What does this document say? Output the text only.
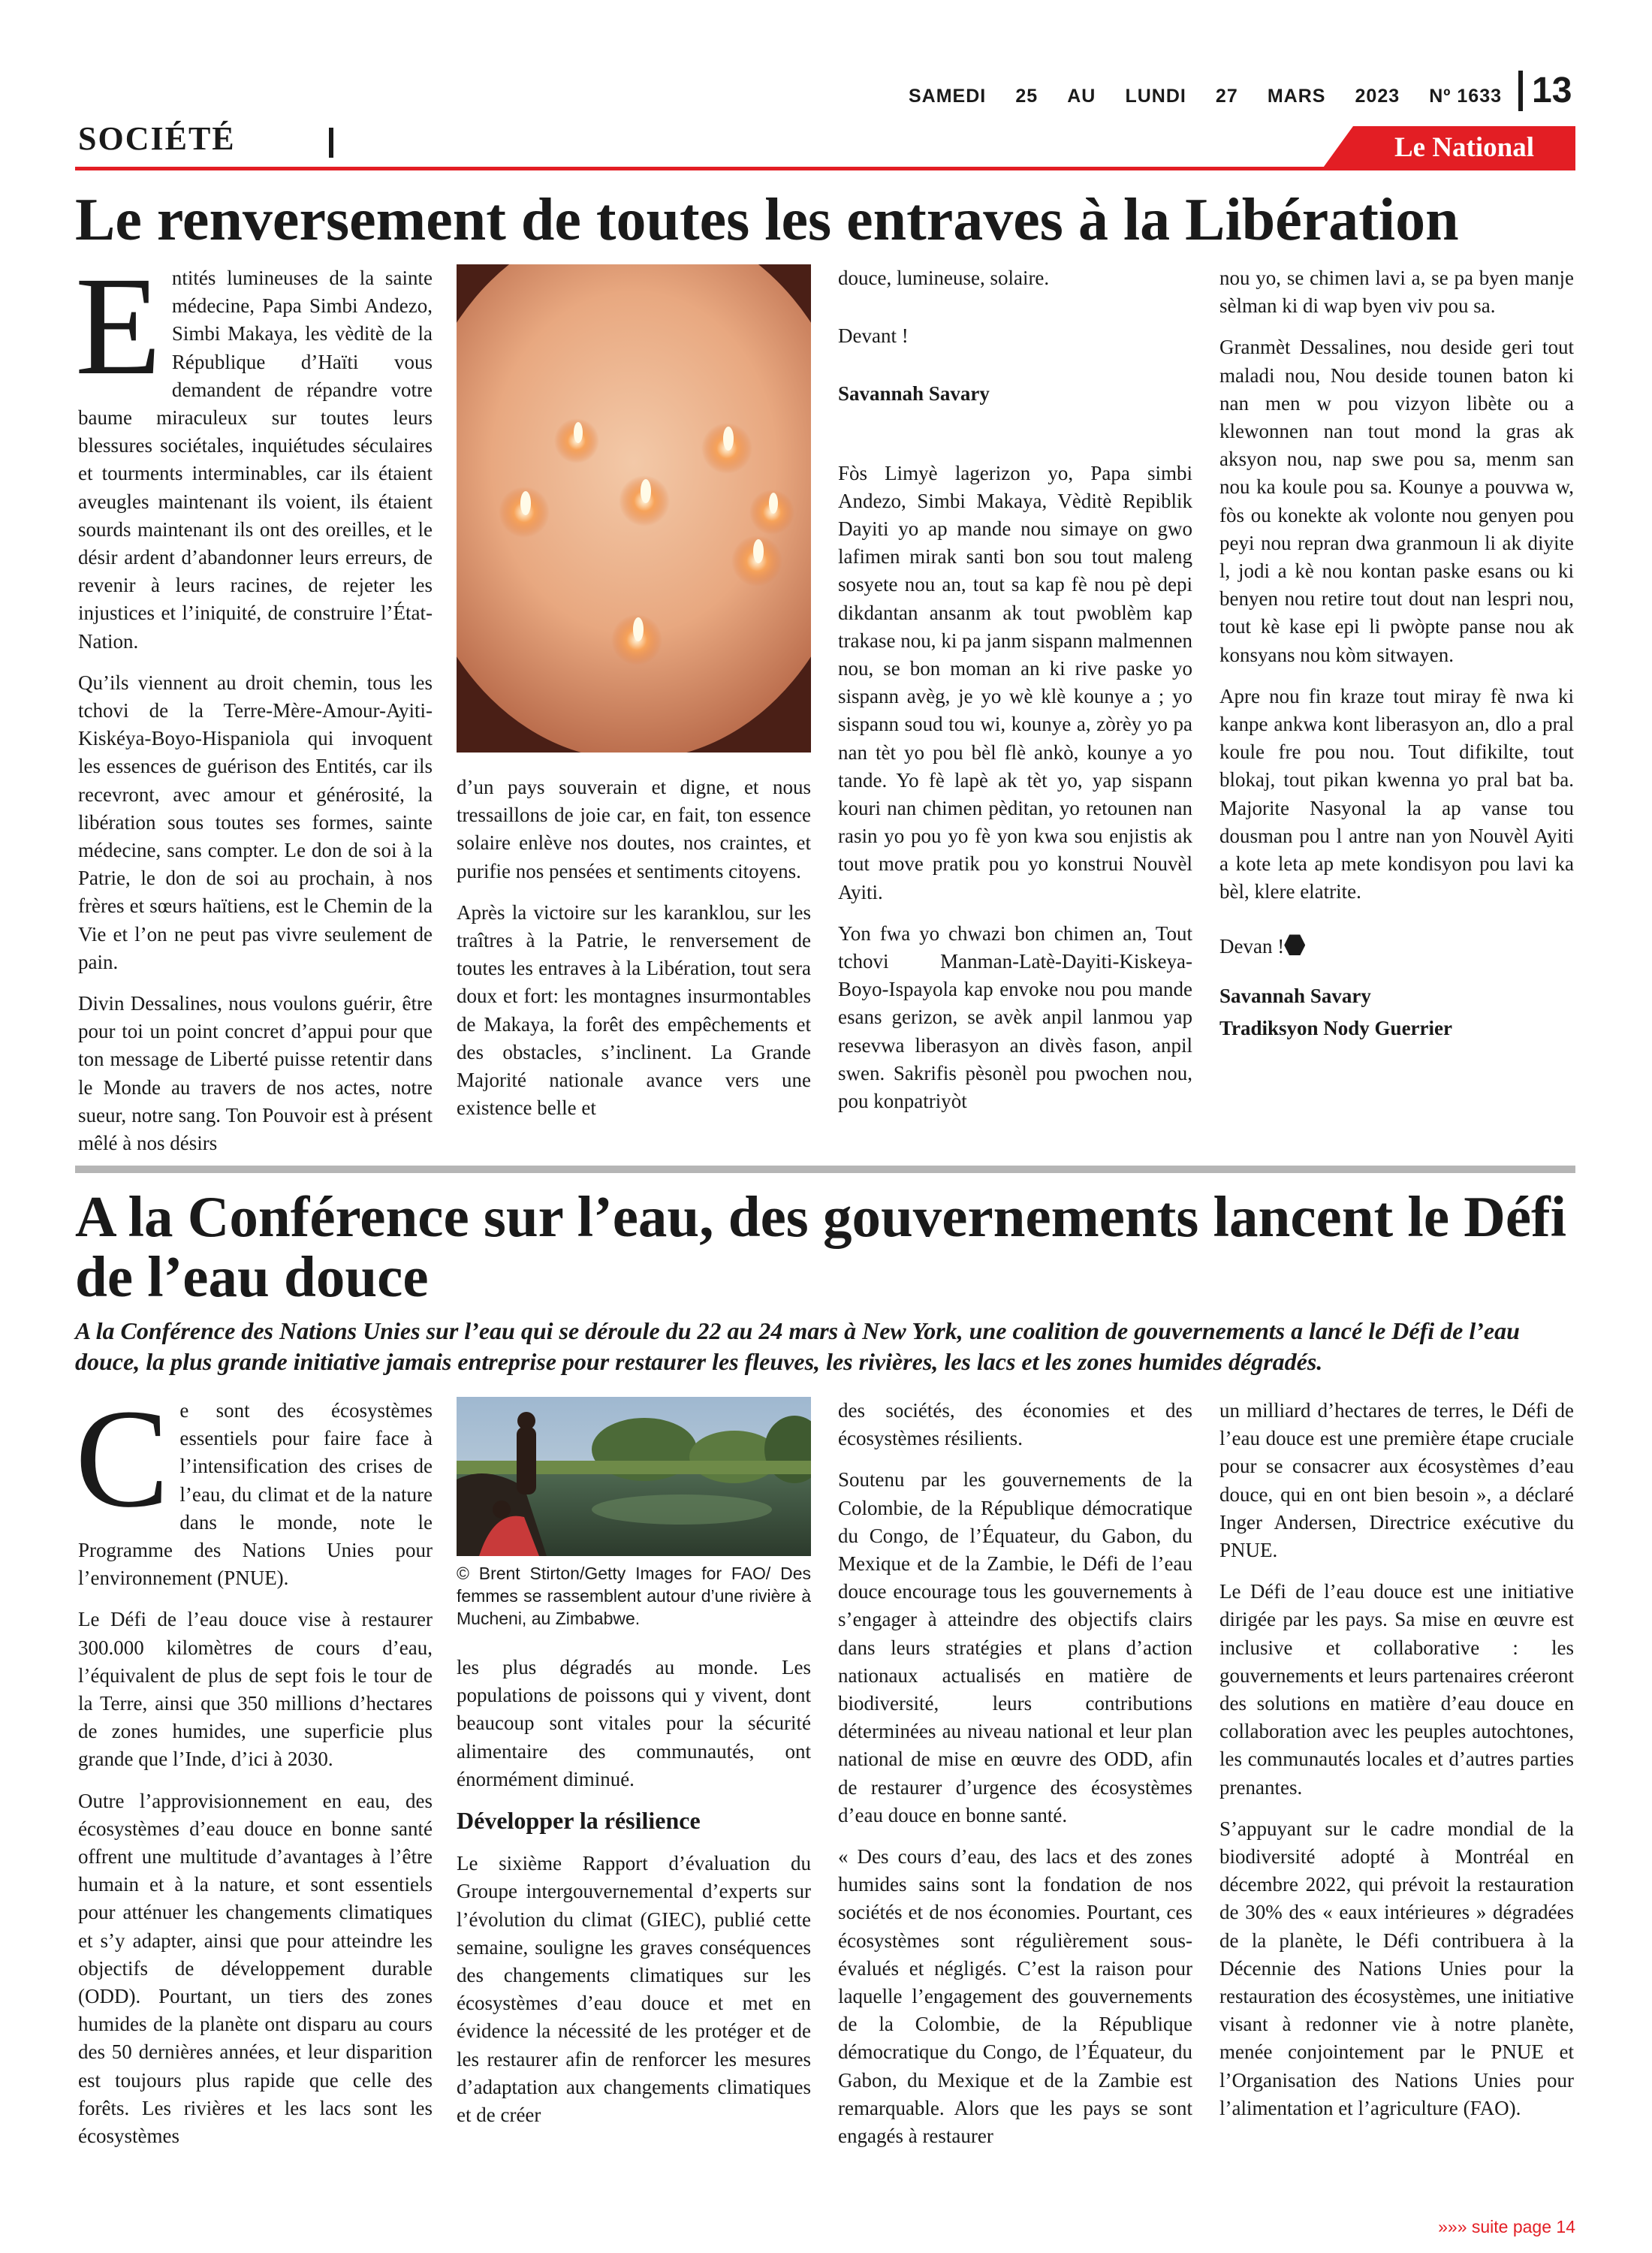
SAMEDI 25 AU LUNDI 27 MARS 2023 Nº 1633 13
SOCIÉTÉ	Le National
Le renversement de toutes les entraves à la Libération

Entités lumineuses de la sainte médecine, Papa Simbi Andezo, Simbi Makaya, les vèditè de la République d’Haïti vous demandent de répandre votre baume miraculeux sur toutes leurs blessures sociétales, inquiétudes séculaires et tourments interminables, car ils étaient aveugles maintenant ils voient, ils étaient sourds maintenant ils ont des oreilles, et le désir ardent d’abandonner leurs erreurs, de revenir à leurs racines, de rejeter les injustices et l’iniquité, de construire l’État-Nation.

Qu’ils viennent au droit chemin, tous les tchovi de la Terre-Mère-Amour-Ayiti-Kiskéya-Boyo-Hispaniola qui invoquent les essences de guérison des Entités, car ils recevront, avec amour et générosité, la libération sous toutes ses formes, sainte médecine, sans compter. Le don de soi à la Patrie, le don de soi au prochain, à nos frères et sœurs haïtiens, est le Chemin de la Vie et l’on ne peut pas vivre seulement de pain.

Divin Dessalines, nous voulons guérir, être pour toi un point concret d’appui pour que ton message de Liberté puisse retentir dans le Monde au travers de nos actes, notre sueur, notre sang. Ton Pouvoir est à présent mêlé à nos désirs

d’un pays souverain et digne, et nous tressaillons de joie car, en fait, ton essence solaire enlève nos doutes, nos craintes, et purifie nos pensées et sentiments citoyens.

Après la victoire sur les karanklou, sur les traîtres à la Patrie, le renversement de toutes les entraves à la Libération, tout sera doux et fort: les montagnes insurmontables de Makaya, la forêt des empêchements et des obstacles, s’inclinent. La Grande Majorité nationale avance vers une existence belle et

douce, lumineuse, solaire.

Devant !

Savannah Savary

Fòs Limyè lagerizon yo, Papa simbi Andezo, Simbi Makaya, Vèditè Repiblik Dayiti yo ap mande nou simaye on gwo lafimen mirak santi bon sou tout maleng sosyete nou an, tout sa kap fè nou pè depi dikdantan ansanm ak tout pwoblèm kap trakase nou, ki pa janm sispann malmennen nou, se bon moman an ki rive paske yo sispann avèg, je yo wè klè kounye a ; yo sispann soud tou wi, kounye a, zòrèy yo pa nan tèt yo pou bèl flè ankò, kounye a yo tande. Yo fè lapè ak tèt yo, yap sispann kouri nan chimen pèditan, yo retounen nan rasin yo pou yo fè yon kwa sou enjistis ak tout move pratik pou yo konstrui Nouvèl Ayiti.

Yon fwa yo chwazi bon chimen an, Tout tchovi Manman-Latè-Dayiti-Kiskeya-Boyo-Ispayola kap envoke nou pou mande esans gerizon, se avèk anpil lanmou yap resevwa liberasyon an divès fason, anpil swen. Sakrifis pèsonèl pou pwochen nou, pou konpatriyòt

nou yo, se chimen lavi a, se pa byen manje sèlman ki di wap byen viv pou sa.

Granmèt Dessalines, nou deside geri tout maladi nou, Nou deside tounen baton ki nan men w pou vizyon libète ou a klewonnen nan tout mond la gras ak aksyon nou, nap swe pou sa, menm san nou ka koule pou sa. Kounye a pouvwa w, fòs ou konekte ak volonte nou genyen pou peyi nou repran dwa granmoun li ak diyite l, jodi a kè nou kontan paske esans ou ki benyen nou retire tout dout nan lespri nou, tout kè kase epi li pwòpte panse nou ak konsyans nou kòm sitwayen.

Apre nou fin kraze tout miray fè nwa ki kanpe ankwa kont liberasyon an, dlo a pral koule fre pou nou. Tout difikilte, tout blokaj, tout pikan kwenna yo pral bat ba. Majorite Nasyonal la ap vanse tou dousman pou l antre nan yon Nouvèl Ayiti a kote leta ap mete kondisyon pou lavi ka bèl, klere elatrite.

Devan !

Savannah Savary

Tradiksyon Nody Guerrier

A la Conférence sur l’eau, des gouvernements lancent le Défi de l’eau douce
A la Conférence des Nations Unies sur l’eau qui se déroule du 22 au 24 mars à New York, une coalition de gouvernements a lancé le Défi de l’eau douce, la plus grande initiative jamais entreprise pour restaurer les fleuves, les rivières, les lacs et les zones humides dégradés.

Ce sont des écosystèmes essentiels pour faire face à l’intensification des crises de l’eau, du climat et de la nature dans le monde, note le Programme des Nations Unies pour l’environnement (PNUE).

Le Défi de l’eau douce vise à restaurer 300.000 kilomètres de cours d’eau, l’équivalent de plus de sept fois le tour de la Terre, ainsi que 350 millions d’hectares de zones humides, une superficie plus grande que l’Inde, d’ici à 2030.

Outre l’approvisionnement en eau, des écosystèmes d’eau douce en bonne santé offrent une multitude d’avantages à l’être humain et à la nature, et sont essentiels pour atténuer les changements climatiques et s’y adapter, ainsi que pour atteindre les objectifs de développement durable (ODD). Pourtant, un tiers des zones humides de la planète ont disparu au cours des 50 dernières années, et leur disparition est toujours plus rapide que celle des forêts. Les rivières et les lacs sont les écosystèmes

© Brent Stirton/Getty Images for FAO/ Des femmes se rassemblent autour d’une rivière à Mucheni, au Zimbabwe.

les plus dégradés au monde. Les populations de poissons qui y vivent, dont beaucoup sont vitales pour la sécurité alimentaire des communautés, ont énormément diminué.

Développer la résilience

Le sixième Rapport d’évaluation du Groupe intergouvernemental d’experts sur l’évolution du climat (GIEC), publié cette semaine, souligne les graves conséquences des changements climatiques sur les écosystèmes d’eau douce et met en évidence la nécessité de les protéger et de les restaurer afin de renforcer les mesures d’adaptation aux changements climatiques et de créer

des sociétés, des économies et des écosystèmes résilients.

Soutenu par les gouvernements de la Colombie, de la République démocratique du Congo, de l’Équateur, du Gabon, du Mexique et de la Zambie, le Défi de l’eau douce encourage tous les gouvernements à s’engager à atteindre des objectifs clairs dans leurs stratégies et plans d’action nationaux actualisés en matière de biodiversité, leurs contributions déterminées au niveau national et leur plan national de mise en œuvre des ODD, afin de restaurer d’urgence des écosystèmes d’eau douce en bonne santé.

« Des cours d’eau, des lacs et des zones humides sains sont la fondation de nos sociétés et de nos économies. Pourtant, ces écosystèmes sont régulièrement sous-évalués et négligés. C’est la raison pour laquelle l’engagement des gouvernements de la Colombie, de la République démocratique du Congo, de l’Équateur, du Gabon, du Mexique et de la Zambie est remarquable. Alors que les pays se sont engagés à restaurer

un milliard d’hectares de terres, le Défi de l’eau douce est une première étape cruciale pour se consacrer aux écosystèmes d’eau douce, qui en ont bien besoin », a déclaré Inger Andersen, Directrice exécutive du PNUE.

Le Défi de l’eau douce est une initiative dirigée par les pays. Sa mise en œuvre est inclusive et collaborative : les gouvernements et leurs partenaires créeront des solutions en matière d’eau douce en collaboration avec les peuples autochtones, les communautés locales et d’autres parties prenantes.

S’appuyant sur le cadre mondial de la biodiversité adopté à Montréal en décembre 2022, qui prévoit la restauration de 30% des « eaux intérieures » dégradées de la planète, le Défi contribuera à la Décennie des Nations Unies pour la restauration des écosystèmes, une initiative visant à redonner vie à notre planète, menée conjointement par le PNUE et l’Organisation des Nations Unies pour l’alimentation et l’agriculture (FAO).

»»» suite page 14
